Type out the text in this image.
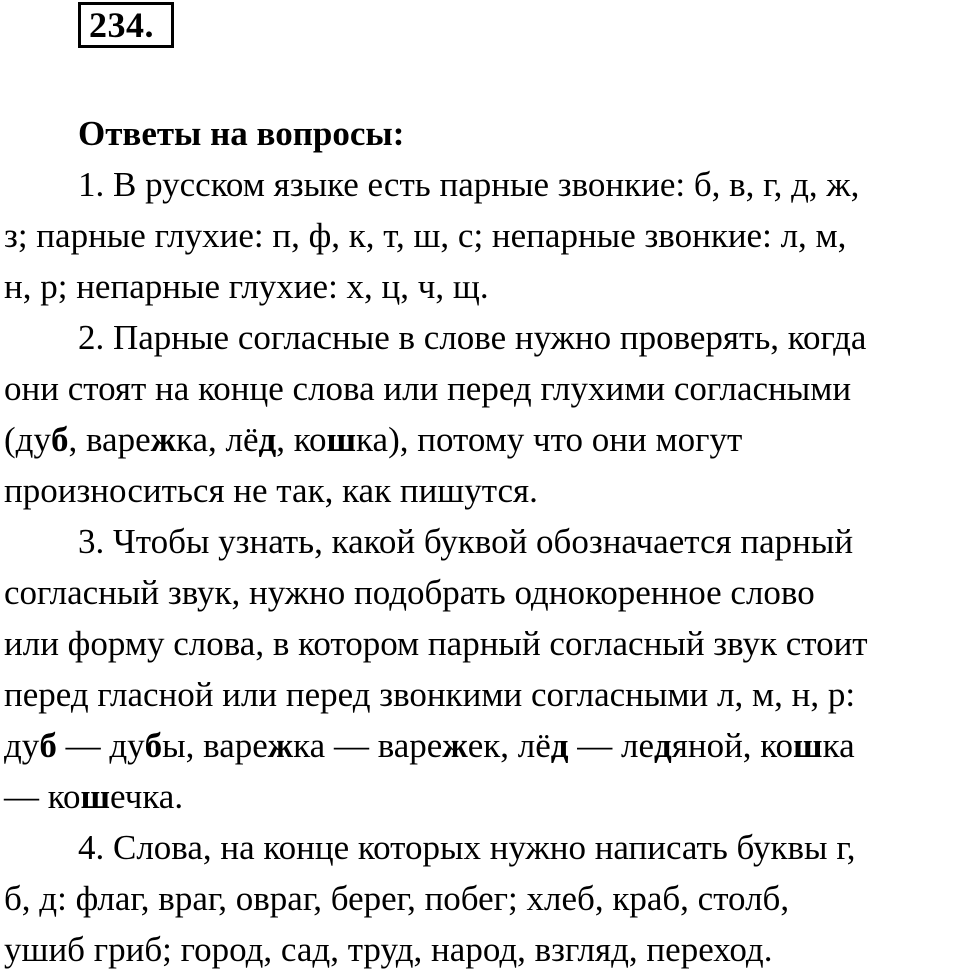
234.
Ответы на вопросы:
1. В русском языке есть парные звонкие: б, в, г, д, ж,
з; парные глухие: п, ф, к, т, ш, с; непарные звонкие: л, м,
н, р; непарные глухие: х, ц, ч, щ.
2. Парные согласные в слове нужно проверять, когда
они стоят на конце слова или перед глухими согласными
(дуб, варежка, лёд, кошка), потому что они могут
произноситься не так, как пишутся.
3. Чтобы узнать, какой буквой обозначается парный
согласный звук, нужно подобрать однокоренное слово
или форму слова, в котором парный согласный звук стоит
перед гласной или перед звонкими согласными л, м, н, р:
дуб — дубы, варежка — варежек, лёд — ледяной, кошка
— кошечка.
4. Слова, на конце которых нужно написать буквы г,
б, д: флаг, враг, овраг, берег, побег; хлеб, краб, столб,
ушиб гриб; город, сад, труд, народ, взгляд, переход.
